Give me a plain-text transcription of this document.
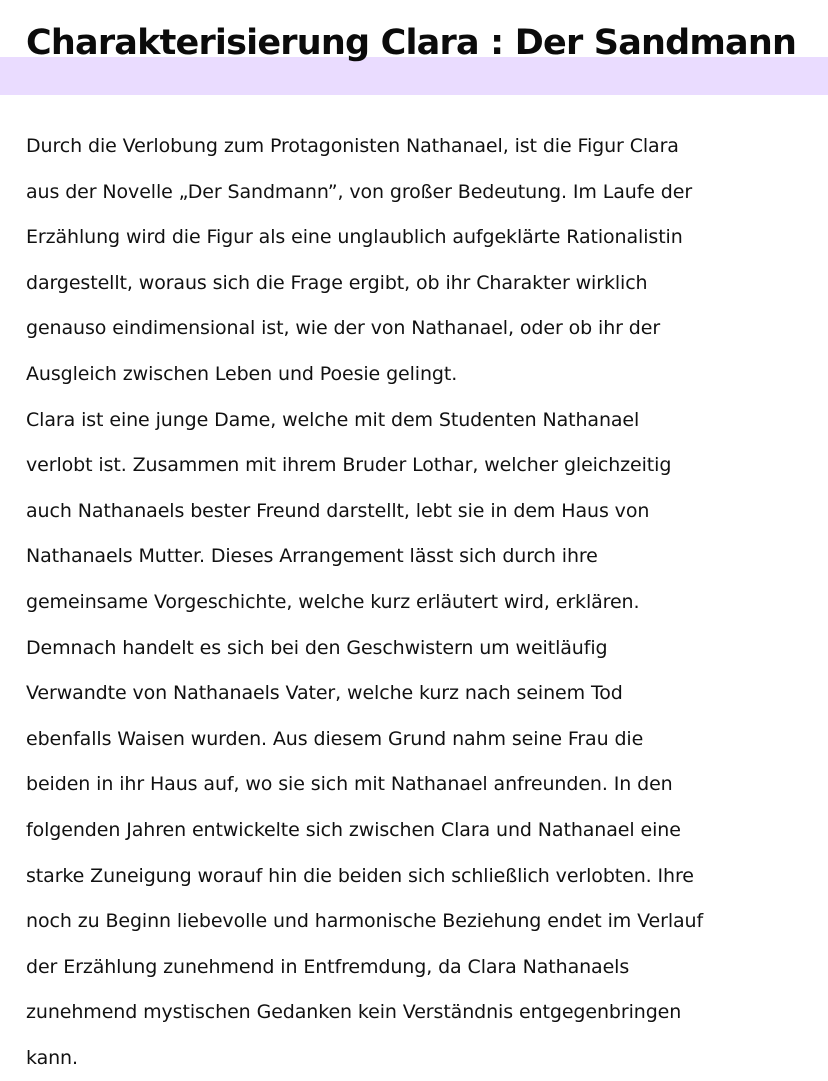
Charakterisierung Clara : Der Sandmann
Durch die Verlobung zum Protagonisten Nathanael, ist die Figur Clara
aus der Novelle „Der Sandmann”, von großer Bedeutung. Im Laufe der
Erzählung wird die Figur als eine unglaublich aufgeklärte Rationalistin
dargestellt, woraus sich die Frage ergibt, ob ihr Charakter wirklich
genauso eindimensional ist, wie der von Nathanael, oder ob ihr der
Ausgleich zwischen Leben und Poesie gelingt.
Clara ist eine junge Dame, welche mit dem Studenten Nathanael
verlobt ist. Zusammen mit ihrem Bruder Lothar, welcher gleichzeitig
auch Nathanaels bester Freund darstellt, lebt sie in dem Haus von
Nathanaels Mutter. Dieses Arrangement lässt sich durch ihre
gemeinsame Vorgeschichte, welche kurz erläutert wird, erklären.
Demnach handelt es sich bei den Geschwistern um weitläufig
Verwandte von Nathanaels Vater, welche kurz nach seinem Tod
ebenfalls Waisen wurden. Aus diesem Grund nahm seine Frau die
beiden in ihr Haus auf, wo sie sich mit Nathanael anfreunden. In den
folgenden Jahren entwickelte sich zwischen Clara und Nathanael eine
starke Zuneigung worauf hin die beiden sich schließlich verlobten. Ihre
noch zu Beginn liebevolle und harmonische Beziehung endet im Verlauf
der Erzählung zunehmend in Entfremdung, da Clara Nathanaels
zunehmend mystischen Gedanken kein Verständnis entgegenbringen
kann.
